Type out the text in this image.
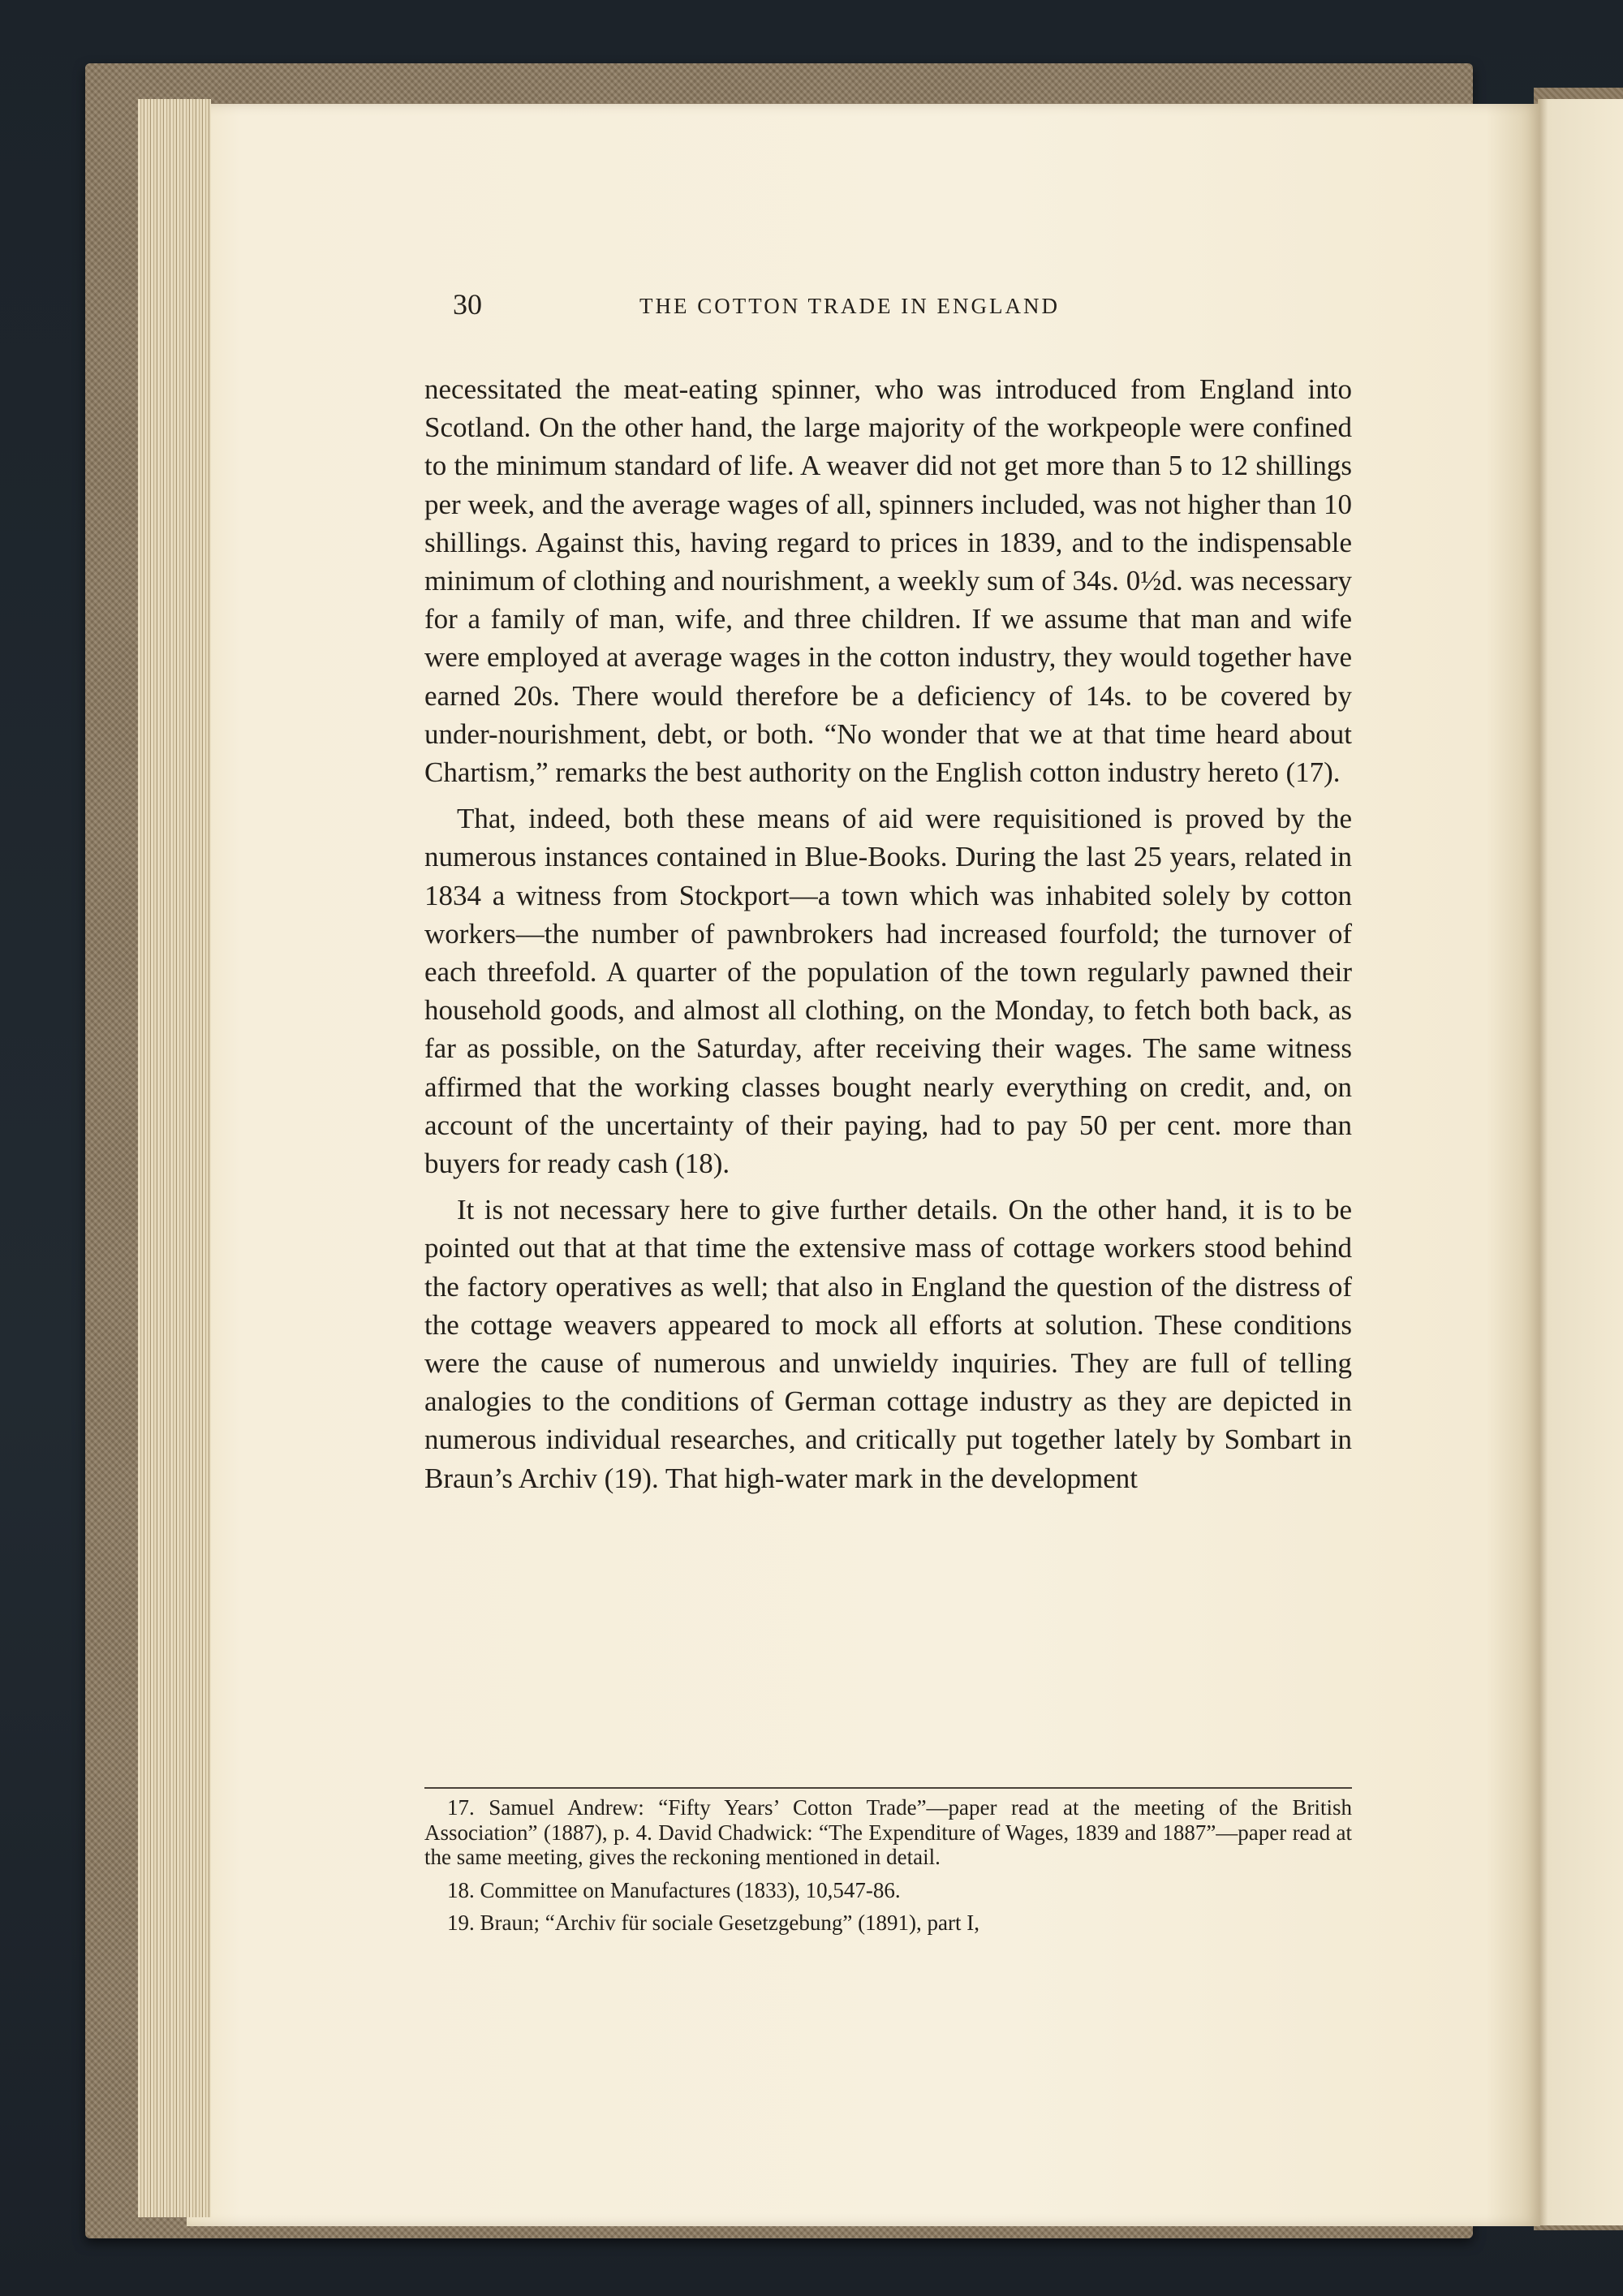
30	THE COTTON TRADE IN ENGLAND

necessitated the meat-eating spinner, who was introduced from England into Scotland. On the other hand, the large majority of the workpeople were confined to the minimum standard of life. A weaver did not get more than 5 to 12 shillings per week, and the average wages of all, spinners included, was not higher than 10 shillings. Against this, having regard to prices in 1839, and to the indispensable minimum of clothing and nourishment, a weekly sum of 34s. 0½d. was necessary for a family of man, wife, and three children. If we assume that man and wife were employed at average wages in the cotton industry, they would together have earned 20s. There would therefore be a deficiency of 14s. to be covered by under-nourishment, debt, or both. “No wonder that we at that time heard about Chartism,” remarks the best authority on the English cotton industry hereto (17).

That, indeed, both these means of aid were requisitioned is proved by the numerous instances contained in Blue-Books. During the last 25 years, related in 1834 a witness from Stockport—a town which was inhabited solely by cotton workers—the number of pawnbrokers had increased fourfold; the turnover of each threefold. A quarter of the population of the town regularly pawned their household goods, and almost all clothing, on the Monday, to fetch both back, as far as possible, on the Saturday, after receiving their wages. The same witness affirmed that the working classes bought nearly everything on credit, and, on account of the uncertainty of their paying, had to pay 50 per cent. more than buyers for ready cash (18).

It is not necessary here to give further details. On the other hand, it is to be pointed out that at that time the extensive mass of cottage workers stood behind the factory operatives as well; that also in England the question of the distress of the cottage weavers appeared to mock all efforts at solution. These conditions were the cause of numerous and unwieldy inquiries. They are full of telling analogies to the conditions of German cottage industry as they are depicted in numerous individual researches, and critically put together lately by Sombart in Braun’s Archiv (19). That high-water mark in the development

17. Samuel Andrew: “Fifty Years’ Cotton Trade”—paper read at the meeting of the British Association” (1887), p. 4. David Chadwick: “The Expenditure of Wages, 1839 and 1887”—paper read at the same meeting, gives the reckoning mentioned in detail.
18. Committee on Manufactures (1833), 10,547-86.
19. Braun; “Archiv für sociale Gesetzgebung” (1891), part I,
